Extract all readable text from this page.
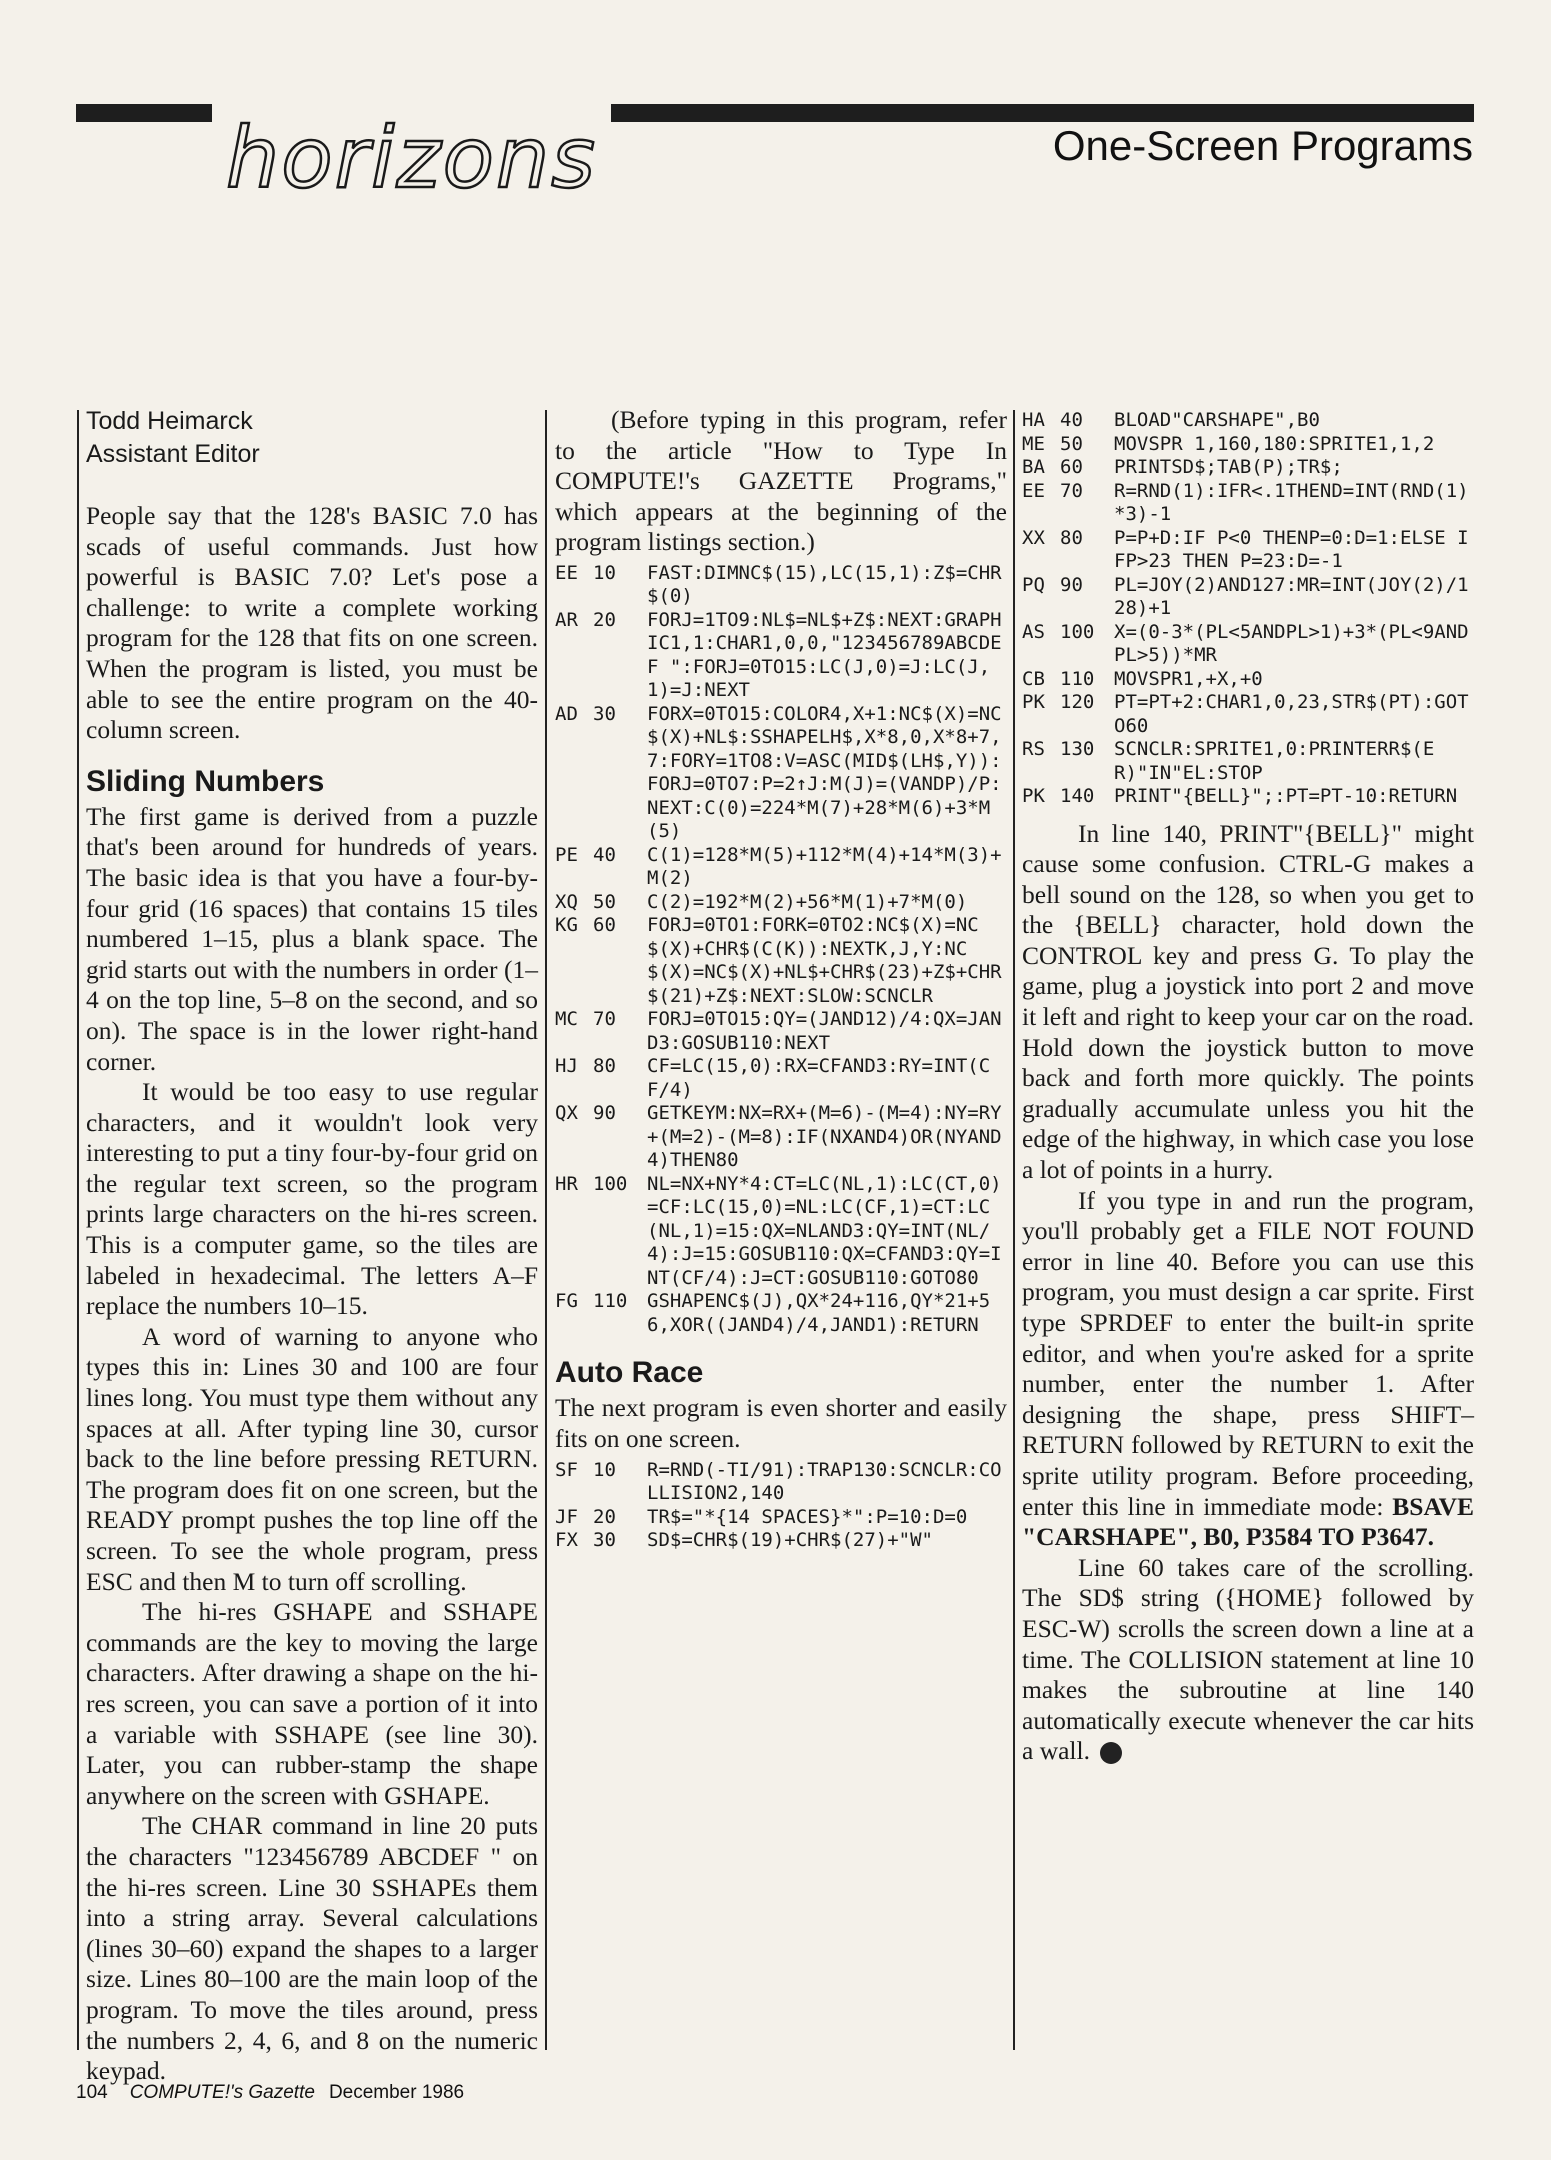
horizons	One-Screen Programs
Todd Heimarck
Assistant Editor

People say that the 128's BASIC 7.0 has scads of useful commands. Just how powerful is BASIC 7.0? Let's pose a challenge: to write a complete working program for the 128 that fits on one screen. When the program is listed, you must be able to see the entire program on the 40-column screen.

Sliding Numbers

The first game is derived from a puzzle that's been around for hundreds of years. The basic idea is that you have a four-by-four grid (16 spaces) that contains 15 tiles numbered 1–15, plus a blank space. The grid starts out with the numbers in order (1–4 on the top line, 5–8 on the second, and so on). The space is in the lower right-hand corner.

It would be too easy to use regular characters, and it wouldn't look very interesting to put a tiny four-by-four grid on the regular text screen, so the program prints large characters on the hi-res screen. This is a computer game, so the tiles are labeled in hexadecimal. The letters A–F replace the numbers 10–15.

A word of warning to anyone who types this in: Lines 30 and 100 are four lines long. You must type them without any spaces at all. After typing line 30, cursor back to the line before pressing RETURN. The program does fit on one screen, but the READY prompt pushes the top line off the screen. To see the whole program, press ESC and then M to turn off scrolling.

The hi-res GSHAPE and SSHAPE commands are the key to moving the large characters. After drawing a shape on the hi-res screen, you can save a portion of it into a variable with SSHAPE (see line 30). Later, you can rubber-stamp the shape anywhere on the screen with GSHAPE.

The CHAR command in line 20 puts the characters "123456789 ABCDEF " on the hi-res screen. Line 30 SSHAPEs them into a string array. Several calculations (lines 30–60) expand the shapes to a larger size. Lines 80–100 are the main loop of the program. To move the tiles around, press the numbers 2, 4, 6, and 8 on the numeric keypad.

(Before typing in this program, refer to the article "How to Type In COMPUTE!'s GAZETTE Programs," which appears at the beginning of the program listings section.)

EE 10	FAST:DIMNC$(15),LC(15,1):Z$=CHR$(0)
AR 20	FORJ=1TO9:NL$=NL$+Z$:NEXT:GRAPHIC1,1:CHAR1,0,0,"123456789ABCDEF ":FORJ=0TO15:LC(J,0)=J:LC(J,1)=J:NEXT
AD 30	FORX=0TO15:COLOR4,X+1:NC$(X)=NC$(X)+NL$:SSHAPELH$,X*8,0,X*8+7,7:FORY=1TO8:V=ASC(MID$(LH$,Y)):FORJ=0TO7:P=2↑J:M(J)=(VANDP)/P:NEXT:C(0)=224*M(7)+28*M(6)+3*M(5)
PE 40	C(1)=128*M(5)+112*M(4)+14*M(3)+M(2)
XQ 50	C(2)=192*M(2)+56*M(1)+7*M(0)
KG 60	FORJ=0TO1:FORK=0TO2:NC$(X)=NC$(X)+CHR$(C(K)):NEXTK,J,Y:NC$(X)=NC$(X)+NL$+CHR$(23)+Z$+CHR$(21)+Z$:NEXT:SLOW:SCNCLR
MC 70	FORJ=0TO15:QY=(JAND12)/4:QX=JAND3:GOSUB110:NEXT
HJ 80	CF=LC(15,0):RX=CFAND3:RY=INT(CF/4)
QX 90	GETKEYM:NX=RX+(M=6)-(M=4):NY=RY+(M=2)-(M=8):IF(NXAND4)OR(NYAND4)THEN80
HR 100	NL=NX+NY*4:CT=LC(NL,1):LC(CT,0)=CF:LC(15,0)=NL:LC(CF,1)=CT:LC(NL,1)=15:QX=NLAND3:QY=INT(NL/4):J=15:GOSUB110:QX=CFAND3:QY=INT(CF/4):J=CT:GOSUB110:GOTO80
FG 110	GSHAPENC$(J),QX*24+116,QY*21+56,XOR((JAND4)/4,JAND1):RETURN
Auto Race

The next program is even shorter and easily fits on one screen.

SF 10	R=RND(-TI/91):TRAP130:SCNCLR:COLLISION2,140
JF 20	TR$="*{14 SPACES}*":P=10:D=0
FX 30	SD$=CHR$(19)+CHR$(27)+"W"
HA 40	BLOAD"CARSHAPE",B0
ME 50	MOVSPR 1,160,180:SPRITE1,1,2
BA 60	PRINTSD$;TAB(P);TR$;
EE 70	R=RND(1):IFR<.1THEND=INT(RND(1)*3)-1
XX 80	P=P+D:IF P<0 THENP=0:D=1:ELSE IFP>23 THEN P=23:D=-1
PQ 90	PL=JOY(2)AND127:MR=INT(JOY(2)/128)+1
AS 100	X=(0-3*(PL<5ANDPL>1)+3*(PL<9ANDPL>5))*MR
CB 110	MOVSPR1,+X,+0
PK 120	PT=PT+2:CHAR1,0,23,STR$(PT):GOTO60
RS 130	SCNCLR:SPRITE1,0:PRINTERR$(ER)"IN"EL:STOP
PK 140	PRINT"{BELL}";:PT=PT-10:RETURN

In line 140, PRINT"{BELL}" might cause some confusion. CTRL-G makes a bell sound on the 128, so when you get to the {BELL} character, hold down the CONTROL key and press G. To play the game, plug a joystick into port 2 and move it left and right to keep your car on the road. Hold down the joystick button to move back and forth more quickly. The points gradually accumulate unless you hit the edge of the highway, in which case you lose a lot of points in a hurry.

If you type in and run the program, you'll probably get a FILE NOT FOUND error in line 40. Before you can use this program, you must design a car sprite. First type SPRDEF to enter the built-in sprite editor, and when you're asked for a sprite number, enter the number 1. After designing the shape, press SHIFT–RETURN followed by RETURN to exit the sprite utility program. Before proceeding, enter this line in immediate mode: BSAVE "CARSHAPE", B0, P3584 TO P3647.

Line 60 takes care of the scrolling. The SD$ string ({HOME} followed by ESC-W) scrolls the screen down a line at a time. The COLLISION statement at line 10 makes the subroutine at line 140 automatically execute whenever the car hits a wall.

104 COMPUTE!'s Gazette December 1986
